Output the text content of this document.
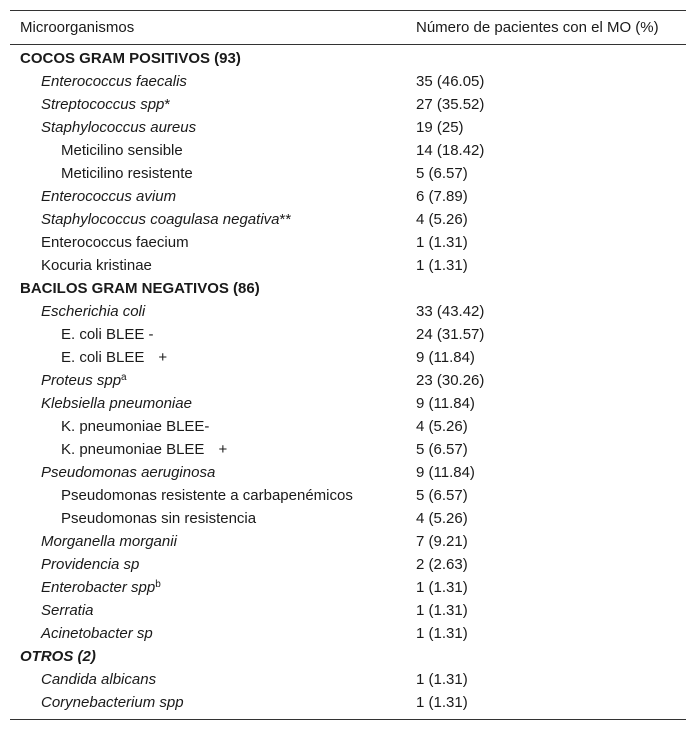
Microorganismos	Número de pacientes con el MO (%)
COCOS GRAM POSITIVOS (93)
Enterococcus faecalis	35 (46.05)
Streptococcus spp*	27 (35.52)
Staphylococcus aureus	19 (25)
Meticilino sensible	14 (18.42)
Meticilino resistente	5 (6.57)
Enterococcus avium	6 (7.89)
Staphylococcus coagulasa negativa**	4 (5.26)
Enterococcus faecium	1 (1.31)
Kocuria kristinae	1 (1.31)
BACILOS GRAM NEGATIVOS (86)
Escherichia coli	33 (43.42)
E. coli BLEE -	24 (31.57)
E. coli BLEE +	9 (11.84)
Proteus spp$^a$	23 (30.26)
Klebsiella pneumoniae	9 (11.84)
K. pneumoniae BLEE-	4 (5.26)
K. pneumoniae BLEE +	5 (6.57)
Pseudomonas aeruginosa	9 (11.84)
Pseudomonas resistente a carbapenémicos	5 (6.57)
Pseudomonas sin resistencia	4 (5.26)
Morganella morganii	7 (9.21)
Providencia sp	2 (2.63)
Enterobacter spp$^b$	1 (1.31)
Serratia	1 (1.31)
Acinetobacter sp	1 (1.31)
OTROS (2)
Candida albicans	1 (1.31)
Corynebacterium spp	1 (1.31)
